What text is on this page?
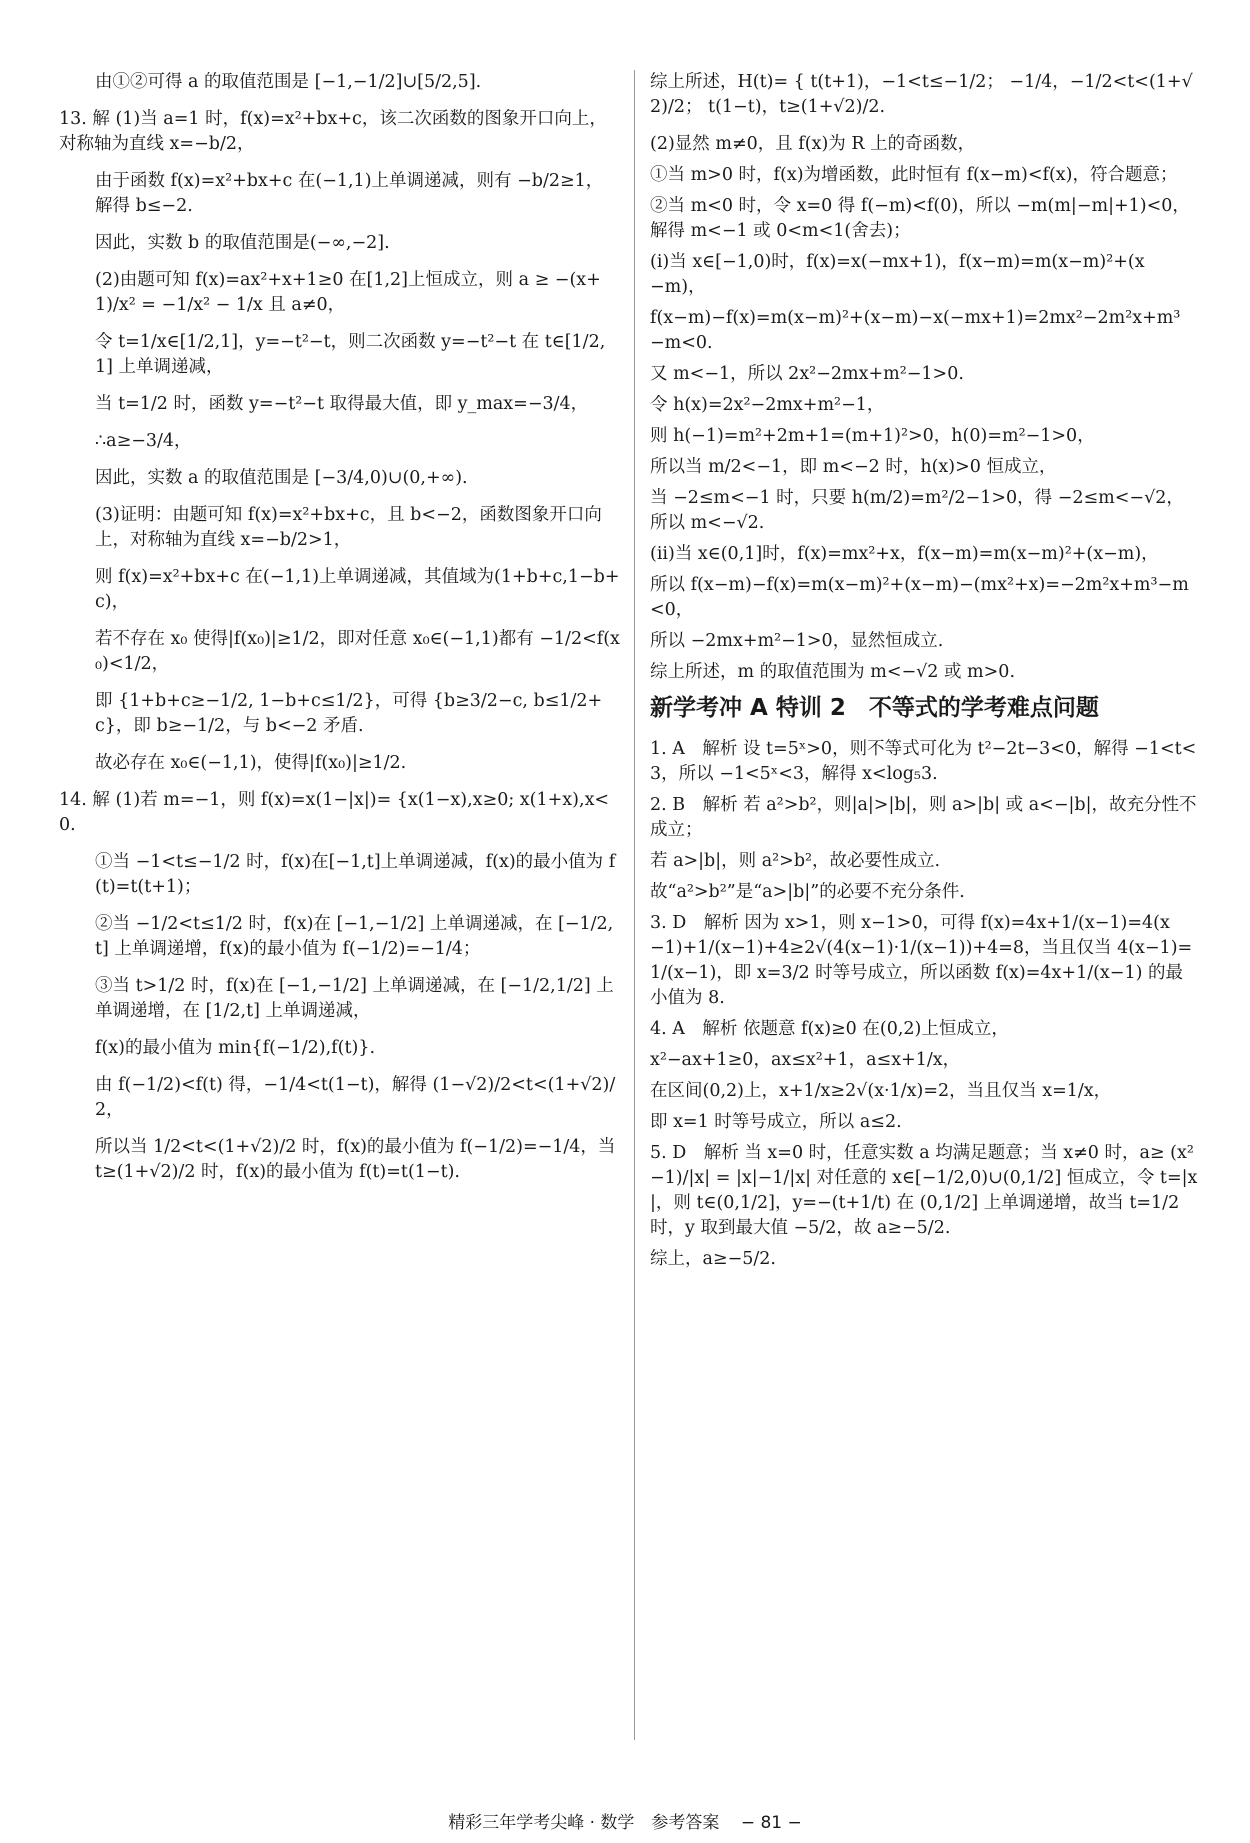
由①②可得 a 的取值范围是 [−1,−1/2]∪[5/2,5].

13. 解 (1)当 a=1 时，f(x)=x²+bx+c，该二次函数的图象开口向上，对称轴为直线 x=−b/2，

由于函数 f(x)=x²+bx+c 在(−1,1)上单调递减，则有 −b/2≥1，解得 b≤−2.

因此，实数 b 的取值范围是(−∞,−2].

(2)由题可知 f(x)=ax²+x+1≥0 在[1,2]上恒成立，则 a ≥ −(x+1)/x² = −1/x² − 1/x 且 a≠0，

令 t=1/x∈[1/2,1]，y=−t²−t，则二次函数 y=−t²−t 在 t∈[1/2,1] 上单调递减，

当 t=1/2 时，函数 y=−t²−t 取得最大值，即 y_max=−3/4，

∴a≥−3/4，

因此，实数 a 的取值范围是 [−3/4,0)∪(0,+∞).

(3)证明：由题可知 f(x)=x²+bx+c，且 b<−2，函数图象开口向上，对称轴为直线 x=−b/2>1，

则 f(x)=x²+bx+c 在(−1,1)上单调递减，其值域为(1+b+c,1−b+c)，

若不存在 x₀ 使得|f(x₀)|≥1/2，即对任意 x₀∈(−1,1)都有 −1/2<f(x₀)<1/2，

即 {1+b+c≥−1/2, 1−b+c≤1/2}，可得 {b≥3/2−c, b≤1/2+c}，即 b≥−1/2，与 b<−2 矛盾.

故必存在 x₀∈(−1,1)，使得|f(x₀)|≥1/2.

14. 解 (1)若 m=−1，则 f(x)=x(1−|x|)= {x(1−x),x≥0; x(1+x),x<0.

①当 −1<t≤−1/2 时，f(x)在[−1,t]上单调递减，f(x)的最小值为 f(t)=t(t+1)；

②当 −1/2<t≤1/2 时，f(x)在 [−1,−1/2] 上单调递减，在 [−1/2,t] 上单调递增，f(x)的最小值为 f(−1/2)=−1/4；

③当 t>1/2 时，f(x)在 [−1,−1/2] 上单调递减，在 [−1/2,1/2] 上单调递增，在 [1/2,t] 上单调递减，

f(x)的最小值为 min{f(−1/2),f(t)}.

由 f(−1/2)<f(t) 得，−1/4<t(1−t)，解得 (1−√2)/2<t<(1+√2)/2，

所以当 1/2<t<(1+√2)/2 时，f(x)的最小值为 f(−1/2)=−1/4，当 t≥(1+√2)/2 时，f(x)的最小值为 f(t)=t(1−t).

综上所述，H(t)= { t(t+1)，−1<t≤−1/2； −1/4，−1/2<t<(1+√2)/2； t(1−t)，t≥(1+√2)/2.

(2)显然 m≠0，且 f(x)为 R 上的奇函数，

①当 m>0 时，f(x)为增函数，此时恒有 f(x−m)<f(x)，符合题意；

②当 m<0 时，令 x=0 得 f(−m)<f(0)，所以 −m(m|−m|+1)<0，解得 m<−1 或 0<m<1(舍去)；

(i)当 x∈[−1,0)时，f(x)=x(−mx+1)，f(x−m)=m(x−m)²+(x−m)，

f(x−m)−f(x)=m(x−m)²+(x−m)−x(−mx+1)=2mx²−2m²x+m³−m<0.

又 m<−1，所以 2x²−2mx+m²−1>0.

令 h(x)=2x²−2mx+m²−1，

则 h(−1)=m²+2m+1=(m+1)²>0，h(0)=m²−1>0，

所以当 m/2<−1，即 m<−2 时，h(x)>0 恒成立，

当 −2≤m<−1 时，只要 h(m/2)=m²/2−1>0，得 −2≤m<−√2，所以 m<−√2.

(ii)当 x∈(0,1]时，f(x)=mx²+x，f(x−m)=m(x−m)²+(x−m)，

所以 f(x−m)−f(x)=m(x−m)²+(x−m)−(mx²+x)=−2m²x+m³−m<0，

所以 −2mx+m²−1>0，显然恒成立.

综上所述，m 的取值范围为 m<−√2 或 m>0.

新学考冲 A 特训 2　不等式的学考难点问题

1. A　解析 设 t=5ˣ>0，则不等式可化为 t²−2t−3<0，解得 −1<t<3，所以 −1<5ˣ<3，解得 x<log₅3.

2. B　解析 若 a²>b²，则|a|>|b|，则 a>|b| 或 a<−|b|，故充分性不成立；

若 a>|b|，则 a²>b²，故必要性成立.

故“a²>b²”是“a>|b|”的必要不充分条件.

3. D　解析 因为 x>1，则 x−1>0，可得 f(x)=4x+1/(x−1)=4(x−1)+1/(x−1)+4≥2√(4(x−1)·1/(x−1))+4=8，当且仅当 4(x−1)=1/(x−1)，即 x=3/2 时等号成立，所以函数 f(x)=4x+1/(x−1) 的最小值为 8.

4. A　解析 依题意 f(x)≥0 在(0,2)上恒成立，

x²−ax+1≥0，ax≤x²+1，a≤x+1/x，

在区间(0,2)上，x+1/x≥2√(x·1/x)=2，当且仅当 x=1/x，

即 x=1 时等号成立，所以 a≤2.

5. D　解析 当 x=0 时，任意实数 a 均满足题意；当 x≠0 时，a≥ (x²−1)/|x| = |x|−1/|x| 对任意的 x∈[−1/2,0)∪(0,1/2] 恒成立，令 t=|x|，则 t∈(0,1/2]，y=−(t+1/t) 在 (0,1/2] 上单调递增，故当 t=1/2 时，y 取到最大值 −5/2，故 a≥−5/2.

综上，a≥−5/2.

精彩三年学考尖峰 · 数学　参考答案 − 81 −
